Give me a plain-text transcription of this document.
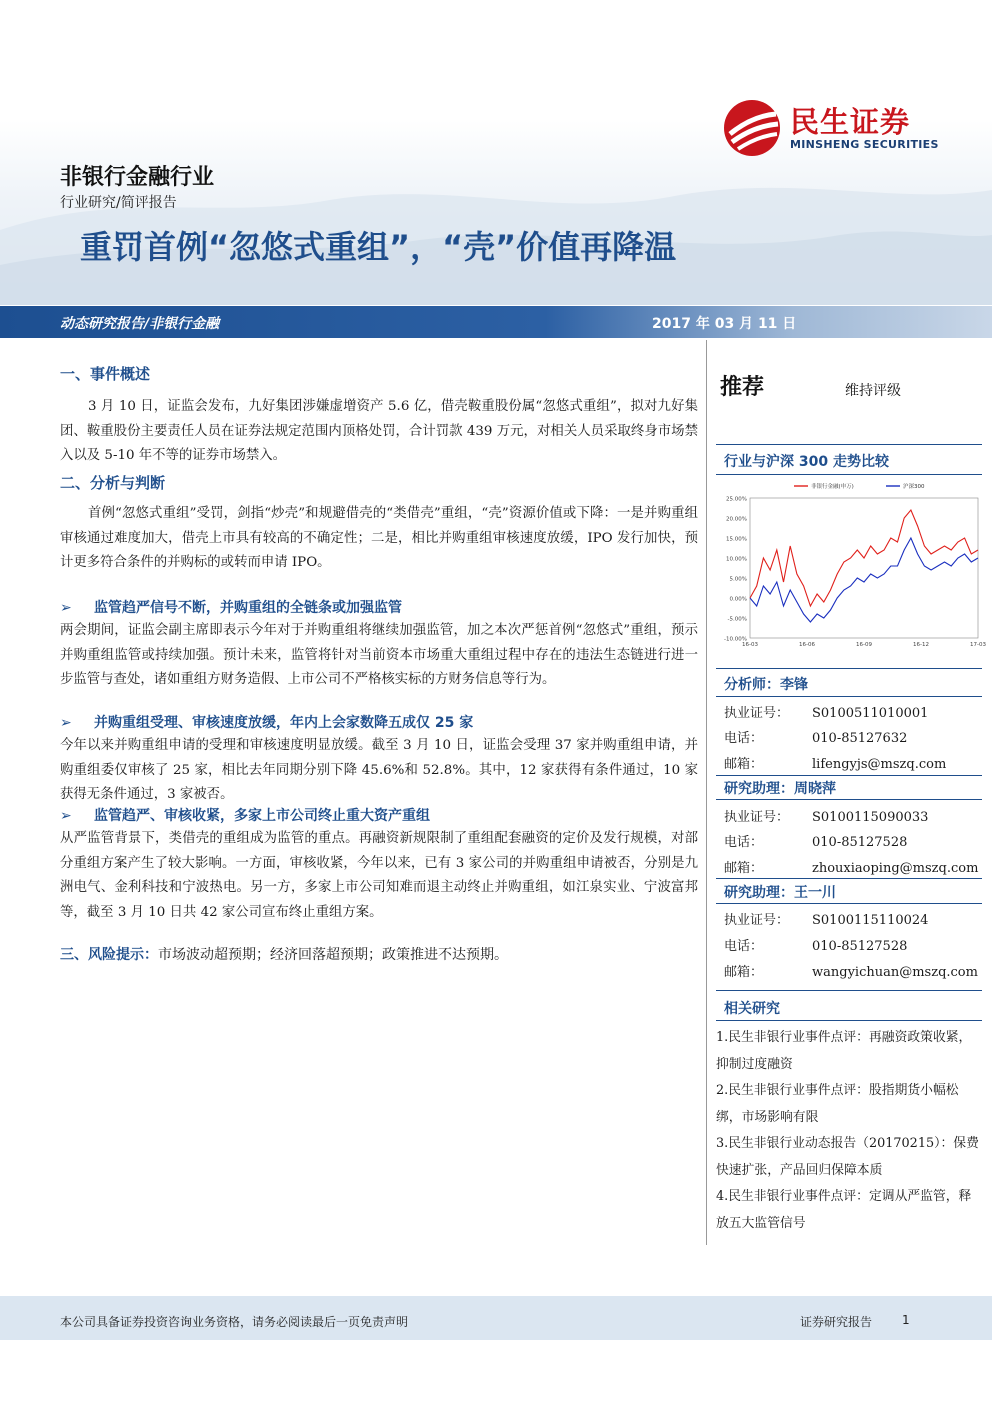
民生证券
MINSHENG SECURITIES
非银行金融行业
行业研究/简评报告
重罚首例“忽悠式重组”，“壳”价值再降温
动态研究报告/非银行金融	2017 年 03 月 11 日
一、事件概述
3 月 10 日，证监会发布，九好集团涉嫌虚增资产 5.6 亿，借壳鞍重股份属“忽悠式重组”，拟对九好集团、鞍重股份主要责任人员在证券法规定范围内顶格处罚，合计罚款 439 万元，对相关人员采取终身市场禁入以及 5-10 年不等的证券市场禁入。
二、分析与判断
首例“忽悠式重组”受罚，剑指“炒壳”和规避借壳的“类借壳”重组，“壳”资源价值或下降：一是并购重组审核通过难度加大，借壳上市具有较高的不确定性；二是，相比并购重组审核速度放缓，IPO 发行加快，预计更多符合条件的并购标的或转而申请 IPO。
➢ 监管趋严信号不断，并购重组的全链条或加强监管
两会期间，证监会副主席即表示今年对于并购重组将继续加强监管，加之本次严惩首例“忽悠式”重组，预示并购重组监管或持续加强。预计未来，监管将针对当前资本市场重大重组过程中存在的违法生态链进行进一步监管与查处，诸如重组方财务造假、上市公司不严格核实标的方财务信息等行为。
➢ 并购重组受理、审核速度放缓，年内上会家数降五成仅 25 家
今年以来并购重组申请的受理和审核速度明显放缓。截至 3 月 10 日，证监会受理 37 家并购重组申请，并购重组委仅审核了 25 家，相比去年同期分别下降 45.6%和 52.8%。其中，12 家获得有条件通过，10 家获得无条件通过，3 家被否。
➢ 监管趋严、审核收紧，多家上市公司终止重大资产重组
从严监管背景下，类借壳的重组成为监管的重点。再融资新规限制了重组配套融资的定价及发行规模，对部分重组方案产生了较大影响。一方面，审核收紧，今年以来，已有 3 家公司的并购重组申请被否，分别是九洲电气、金利科技和宁波热电。另一方，多家上市公司知难而退主动终止并购重组，如江泉实业、宁波富邦等，截至 3 月 10 日共 42 家公司宣布终止重组方案。
三、风险提示：市场波动超预期；经济回落超预期；政策推进不达预期。
推荐	维持评级
行业与沪深 300 走势比较
25.00%
20.00%
15.00%
10.00%
5.00%
0.00%
-5.00%
-10.00%
16-03	16-06	16-09	16-12	17-03
非银行金融(申万)	沪深300
分析师：李锋
执业证号： S0100511010001
电话：	010-85127632
邮箱：	lifengyjs@mszq.com
研究助理：周晓萍
执业证号： S0100115090033
电话：	010-85127528
邮箱：	zhouxiaoping@mszq.com
研究助理：王一川
执业证号： S0100115110024
电话：	010-85127528
邮箱：	wangyichuan@mszq.com
相关研究
1.民生非银行业事件点评：再融资政策收紧，抑制过度融资
2.民生非银行业事件点评：股指期货小幅松绑，市场影响有限
3.民生非银行业动态报告（20170215）：保费快速扩张，产品回归保障本质
4.民生非银行业事件点评：定调从严监管，释放五大监管信号
本公司具备证券投资咨询业务资格，请务必阅读最后一页免责声明	证券研究报告 1
